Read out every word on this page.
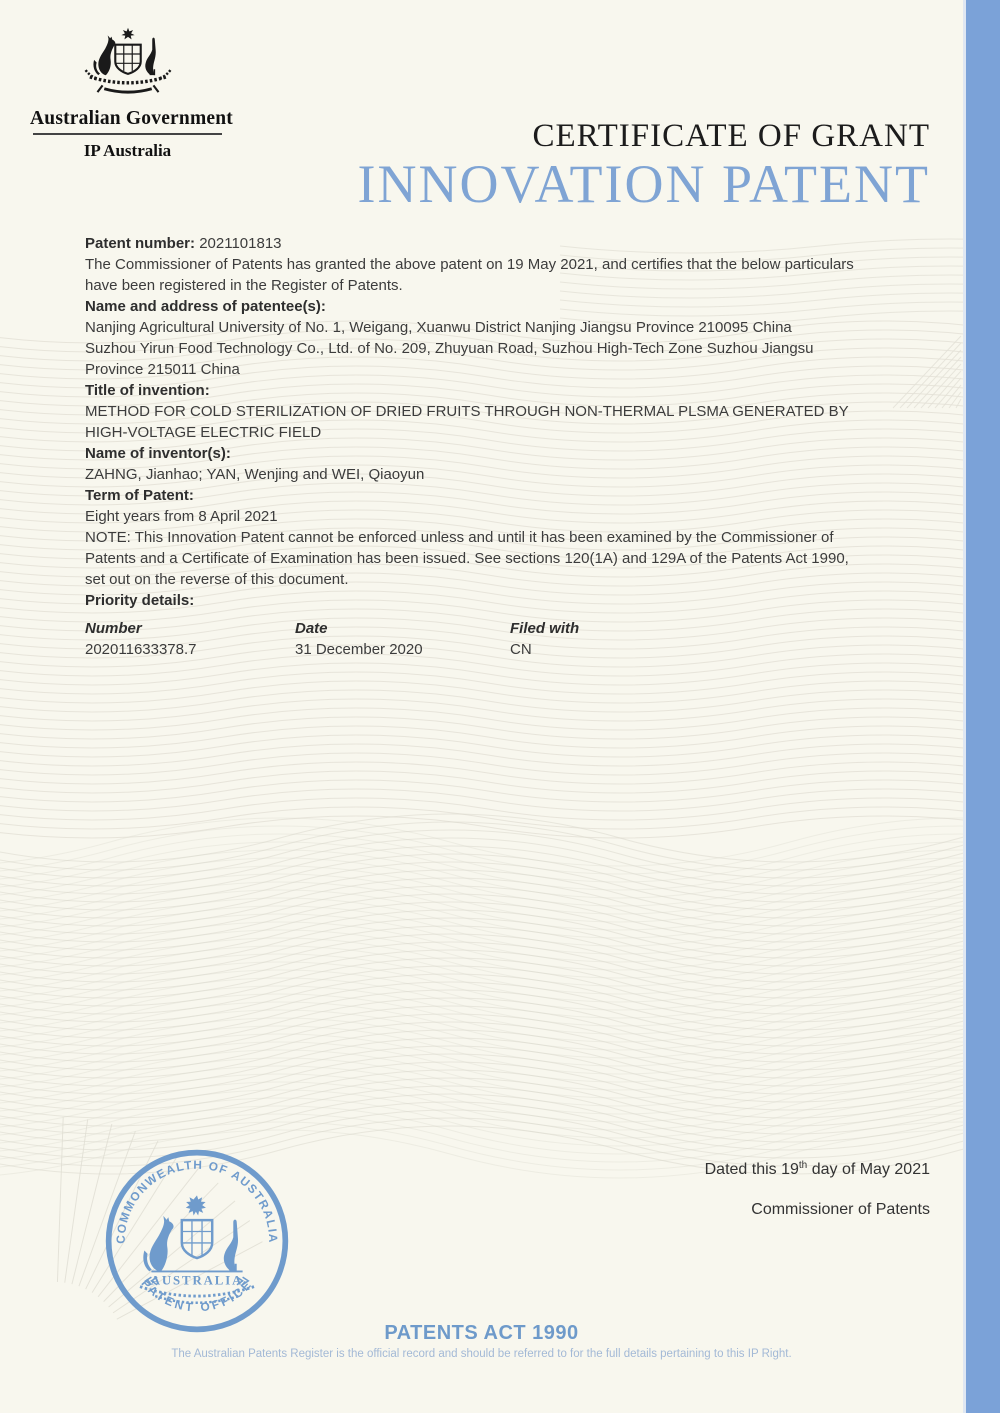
Australian Government
IP Australia	CERTIFICATE OF GRANT
INNOVATION PATENT

Patent number: 2021101813

The Commissioner of Patents has granted the above patent on 19 May 2021, and certifies that the below particulars have been registered in the Register of Patents.

Name and address of patentee(s):

Nanjing Agricultural University of No. 1, Weigang, Xuanwu District Nanjing Jiangsu Province 210095 China

Suzhou Yirun Food Technology Co., Ltd. of No. 209, Zhuyuan Road, Suzhou High-Tech Zone Suzhou Jiangsu Province 215011 China

Title of invention:

METHOD FOR COLD STERILIZATION OF DRIED FRUITS THROUGH NON-THERMAL PLSMA GENERATED BY HIGH-VOLTAGE ELECTRIC FIELD

Name of inventor(s):

ZAHNG, Jianhao; YAN, Wenjing and WEI, Qiaoyun

Term of Patent:

Eight years from 8 April 2021

NOTE: This Innovation Patent cannot be enforced unless and until it has been examined by the Commissioner of Patents and a Certificate of Examination has been issued. See sections 120(1A) and 129A of the Patents Act 1990, set out on the reverse of this document.

Priority details:

Number	Date	Filed with
202011633378.7	31 December 2020	CN
Dated this 19th day of May 2021
Commissioner of Patents
COMMONWEALTH OF AUSTRALIA
PATENT OFFICE
AUSTRALIA
PATENTS ACT 1990
The Australian Patents Register is the official record and should be referred to for the full details pertaining to this IP Right.
